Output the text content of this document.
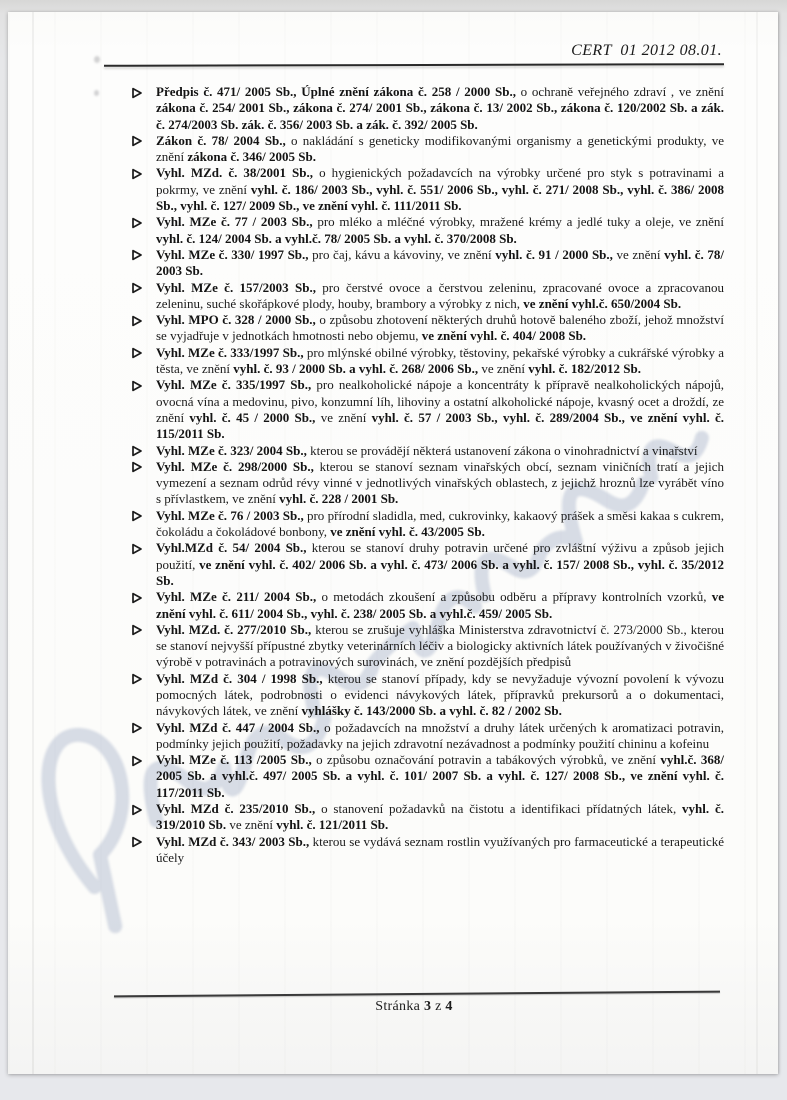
CERT  01 2012 08.01.
Předpis č. 471/ 2005 Sb., Úplné znění zákona č. 258 / 2000 Sb., o ochraně veřejného zdraví , ve znění zákona č. 254/ 2001 Sb., zákona č. 274/ 2001 Sb., zákona č. 13/ 2002 Sb., zákona č. 120/2002 Sb. a zák. č. 274/2003 Sb. zák. č. 356/ 2003 Sb. a zák. č. 392/ 2005 Sb.
Zákon č. 78/ 2004 Sb., o nakládání s geneticky modifikovanými organismy a genetickými produkty, ve znění zákona č. 346/ 2005 Sb.
Vyhl. MZd. č. 38/2001 Sb., o hygienických požadavcích na výrobky určené pro styk s potravinami a pokrmy, ve znění vyhl. č. 186/ 2003 Sb., vyhl. č. 551/ 2006 Sb., vyhl. č. 271/ 2008 Sb., vyhl. č. 386/ 2008 Sb., vyhl. č. 127/ 2009 Sb., ve znění vyhl. č. 111/2011 Sb.
Vyhl. MZe č. 77 / 2003 Sb., pro mléko a mléčné výrobky, mražené krémy a jedlé tuky a oleje, ve znění vyhl. č. 124/ 2004 Sb. a vyhl.č. 78/ 2005 Sb. a vyhl. č. 370/2008 Sb.
Vyhl. MZe č. 330/ 1997 Sb., pro čaj, kávu a kávoviny, ve znění vyhl. č. 91 / 2000 Sb., ve znění vyhl. č. 78/ 2003 Sb.
Vyhl. MZe č. 157/2003 Sb., pro čerstvé ovoce a čerstvou zeleninu, zpracované ovoce a zpracovanou zeleninu, suché skořápkové plody, houby, brambory a výrobky z nich, ve znění vyhl.č. 650/2004 Sb.
Vyhl. MPO č. 328 / 2000 Sb., o způsobu zhotovení některých druhů hotově baleného zboží, jehož množství se vyjadřuje v jednotkách hmotnosti nebo objemu, ve znění vyhl. č. 404/ 2008 Sb.
Vyhl. MZe č. 333/1997 Sb., pro mlýnské obilné výrobky, těstoviny, pekařské výrobky a cukrářské výrobky a těsta, ve znění vyhl. č. 93 / 2000 Sb. a vyhl. č. 268/ 2006 Sb., ve znění vyhl. č. 182/2012 Sb.
Vyhl. MZe č. 335/1997 Sb., pro nealkoholické nápoje a koncentráty k přípravě nealkoholických nápojů, ovocná vína a medovinu, pivo, konzumní líh, lihoviny a ostatní alkoholické nápoje, kvasný ocet a droždí, ze znění vyhl. č. 45 / 2000 Sb., ve znění vyhl. č. 57 / 2003 Sb., vyhl. č. 289/2004 Sb., ve znění vyhl. č. 115/2011 Sb.
Vyhl. MZe č. 323/ 2004 Sb., kterou se provádějí některá ustanovení zákona o vinohradnictví a vinařství
Vyhl. MZe č. 298/2000 Sb., kterou se stanoví seznam vinařských obcí, seznam viničních tratí a jejich vymezení a seznam odrůd révy vinné v jednotlivých vinařských oblastech, z jejichž hroznů lze vyrábět víno s přívlastkem, ve znění vyhl. č. 228 / 2001 Sb.
Vyhl. MZe č. 76 / 2003 Sb., pro přírodní sladidla, med, cukrovinky, kakaový prášek a směsi kakaa s cukrem, čokoládu a čokoládové bonbony, ve znění vyhl. č. 43/2005 Sb.
Vyhl.MZd č. 54/ 2004 Sb., kterou se stanoví druhy potravin určené pro zvláštní výživu a způsob jejich použití, ve znění vyhl. č. 402/ 2006 Sb. a vyhl. č. 473/ 2006 Sb. a vyhl. č. 157/ 2008 Sb., vyhl. č. 35/2012 Sb.
Vyhl. MZe č. 211/ 2004 Sb., o metodách zkoušení a způsobu odběru a přípravy kontrolních vzorků, ve znění vyhl. č. 611/ 2004 Sb., vyhl. č. 238/ 2005 Sb. a vyhl.č. 459/ 2005 Sb.
Vyhl. MZd. č. 277/2010 Sb., kterou se zrušuje vyhláška Ministerstva zdravotnictví č. 273/2000 Sb., kterou se stanoví nejvyšší přípustné zbytky veterinárních léčiv a biologicky aktivních látek používaných v živočišné výrobě v potravinách a potravinových surovinách, ve znění pozdějších předpisů
Vyhl. MZd č. 304 / 1998 Sb., kterou se stanoví případy, kdy se nevyžaduje vývozní povolení k vývozu pomocných látek, podrobnosti o evidenci návykových látek, přípravků prekursorů a o dokumentaci, návykových látek, ve znění vyhlášky č. 143/2000 Sb. a vyhl. č. 82 / 2002 Sb.
Vyhl. MZd č. 447 / 2004 Sb., o požadavcích na množství a druhy látek určených k aromatizaci potravin, podmínky jejich použití, požadavky na jejich zdravotní nezávadnost a podmínky použití chininu a kofeinu
Vyhl. MZe č. 113 /2005 Sb., o způsobu označování potravin a tabákových výrobků, ve znění vyhl.č. 368/ 2005 Sb. a vyhl.č. 497/ 2005 Sb. a vyhl. č. 101/ 2007 Sb. a vyhl. č. 127/ 2008 Sb., ve znění vyhl. č. 117/2011 Sb.
Vyhl. MZd č. 235/2010 Sb., o stanovení požadavků na čistotu a identifikaci přídatných látek, vyhl. č. 319/2010 Sb. ve znění vyhl. č. 121/2011 Sb.
Vyhl. MZd č. 343/ 2003 Sb., kterou se vydává seznam rostlin využívaných pro farmaceutické a terapeutické účely
Stránka 3 z 4
